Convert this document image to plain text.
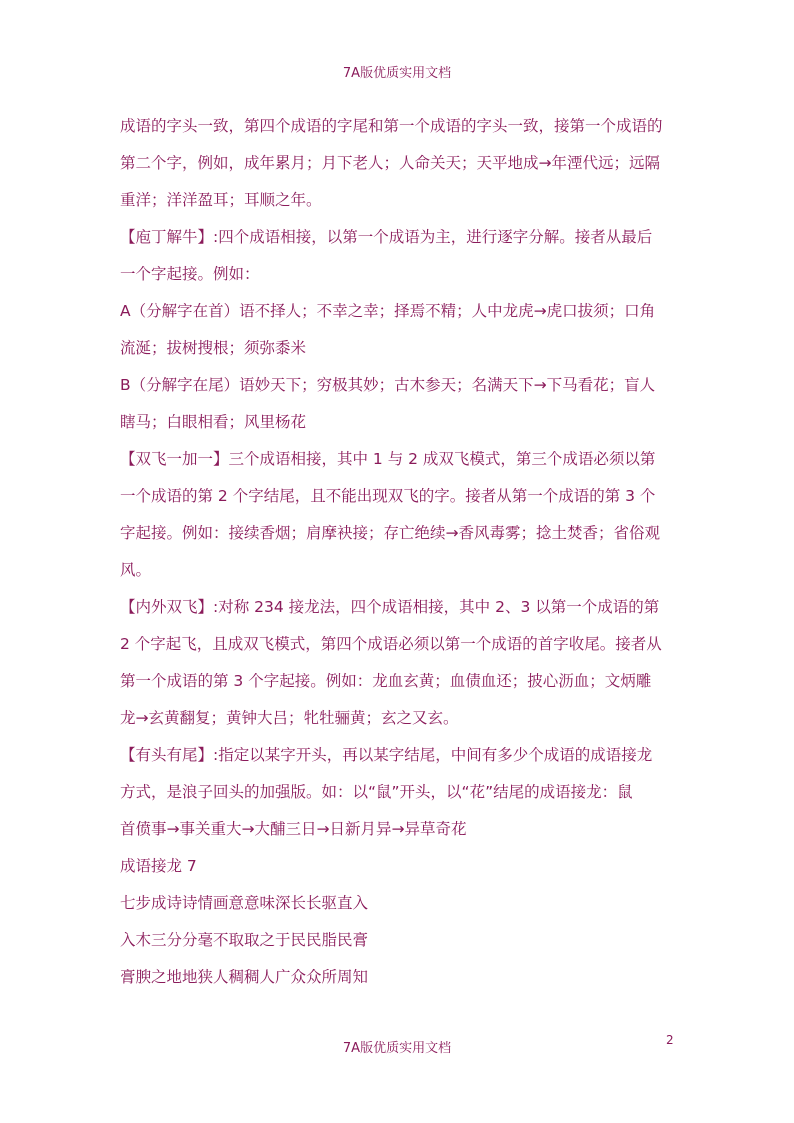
7A版优质实用文档

成语的字头一致，第四个成语的字尾和第一个成语的字头一致，接第一个成语的

第二个字，例如，成年累月；月下老人；人命关天；天平地成→年湮代远；远隔

重洋；洋洋盈耳；耳顺之年。

【庖丁解牛】:四个成语相接，以第一个成语为主，进行逐字分解。接者从最后

一个字起接。例如：

A（分解字在首）语不择人；不幸之幸；择焉不精；人中龙虎→虎口拔须；口角

流涎；拔树搜根；须弥黍米

B（分解字在尾）语妙天下；穷极其妙；古木参天；名满天下→下马看花；盲人

瞎马；白眼相看；风里杨花

【双飞一加一】三个成语相接，其中 1 与 2 成双飞模式，第三个成语必须以第

一个成语的第 2 个字结尾，且不能出现双飞的字。接者从第一个成语的第 3 个

字起接。例如：接续香烟；肩摩袂接；存亡绝续→香风毒雾；捻土焚香；省俗观

风。

【内外双飞】:对称 234 接龙法，四个成语相接，其中 2、3 以第一个成语的第

2 个字起飞，且成双飞模式，第四个成语必须以第一个成语的首字收尾。接者从

第一个成语的第 3 个字起接。例如：龙血玄黄；血债血还；披心沥血；文炳雕

龙→玄黄翻复；黄钟大吕；牝牡骊黄；玄之又玄。

【有头有尾】:指定以某字开头，再以某字结尾，中间有多少个成语的成语接龙

方式，是浪子回头的加强版。如：以“鼠”开头，以“花”结尾的成语接龙：鼠

首偾事→事关重大→大酺三日→日新月异→异草奇花

成语接龙 7

七步成诗诗情画意意味深长长驱直入

入木三分分毫不取取之于民民脂民膏

膏腴之地地狭人稠稠人广众众所周知

2
7A版优质实用文档
